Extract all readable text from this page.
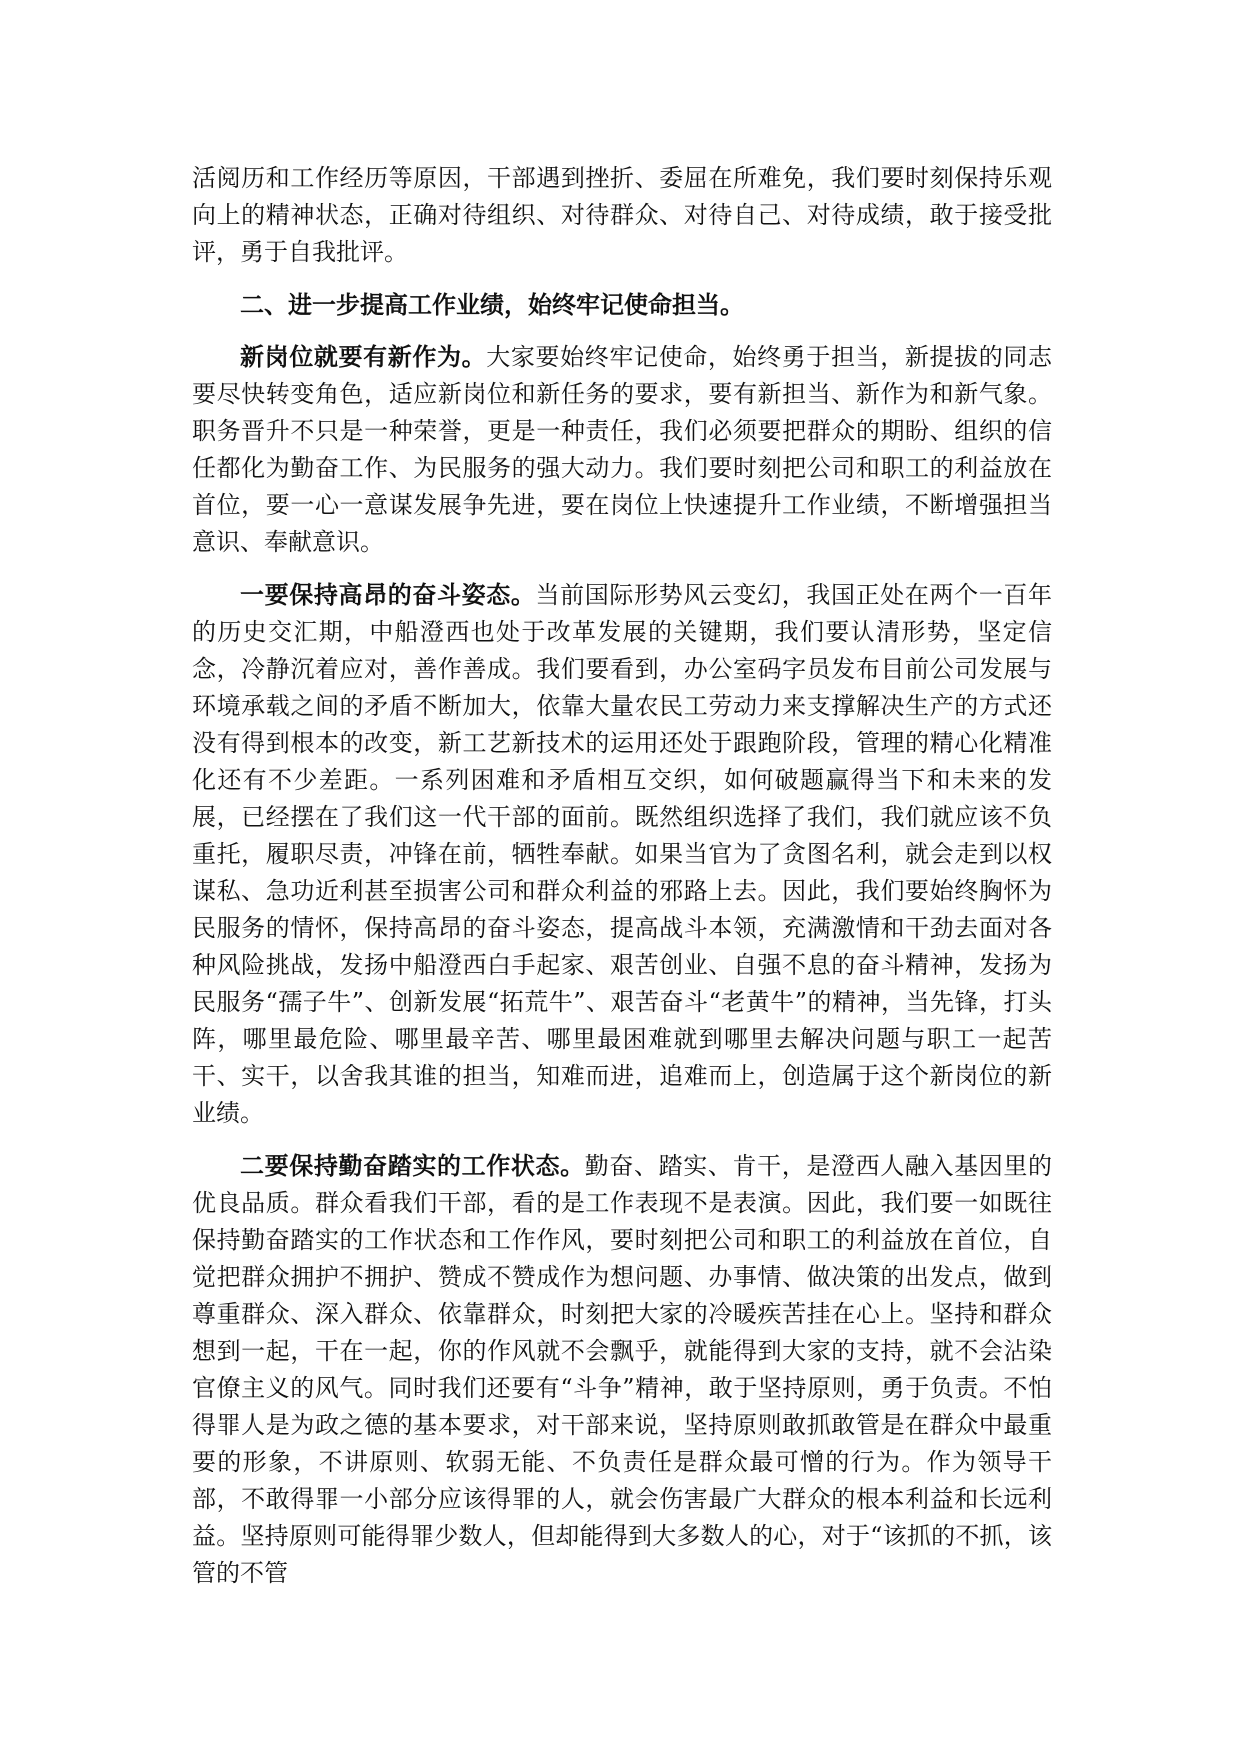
活阅历和工作经历等原因，干部遇到挫折、委屈在所难免，我们要时刻保持乐观向上的精神状态，正确对待组织、对待群众、对待自己、对待成绩，敢于接受批评，勇于自我批评。

二、进一步提高工作业绩，始终牢记使命担当。

新岗位就要有新作为。大家要始终牢记使命，始终勇于担当，新提拔的同志要尽快转变角色，适应新岗位和新任务的要求，要有新担当、新作为和新气象。职务晋升不只是一种荣誉，更是一种责任，我们必须要把群众的期盼、组织的信任都化为勤奋工作、为民服务的强大动力。我们要时刻把公司和职工的利益放在首位，要一心一意谋发展争先进，要在岗位上快速提升工作业绩，不断增强担当意识、奉献意识。

一要保持高昂的奋斗姿态。当前国际形势风云变幻，我国正处在两个一百年的历史交汇期，中船澄西也处于改革发展的关键期，我们要认清形势，坚定信念，冷静沉着应对，善作善成。我们要看到，办公室码字员发布目前公司发展与环境承载之间的矛盾不断加大，依靠大量农民工劳动力来支撑解决生产的方式还没有得到根本的改变，新工艺新技术的运用还处于跟跑阶段，管理的精心化精准化还有不少差距。一系列困难和矛盾相互交织，如何破题赢得当下和未来的发展，已经摆在了我们这一代干部的面前。既然组织选择了我们，我们就应该不负重托，履职尽责，冲锋在前，牺牲奉献。如果当官为了贪图名利，就会走到以权谋私、急功近利甚至损害公司和群众利益的邪路上去。因此，我们要始终胸怀为民服务的情怀，保持高昂的奋斗姿态，提高战斗本领，充满激情和干劲去面对各种风险挑战，发扬中船澄西白手起家、艰苦创业、自强不息的奋斗精神，发扬为民服务“孺子牛”、创新发展“拓荒牛”、艰苦奋斗“老黄牛”的精神，当先锋，打头阵，哪里最危险、哪里最辛苦、哪里最困难就到哪里去解决问题与职工一起苦干、实干，以舍我其谁的担当，知难而进，追难而上，创造属于这个新岗位的新业绩。

二要保持勤奋踏实的工作状态。勤奋、踏实、肯干，是澄西人融入基因里的优良品质。群众看我们干部，看的是工作表现不是表演。因此，我们要一如既往保持勤奋踏实的工作状态和工作作风，要时刻把公司和职工的利益放在首位，自觉把群众拥护不拥护、赞成不赞成作为想问题、办事情、做决策的出发点，做到尊重群众、深入群众、依靠群众，时刻把大家的冷暖疾苦挂在心上。坚持和群众想到一起，干在一起，你的作风就不会飘乎，就能得到大家的支持，就不会沾染官僚主义的风气。同时我们还要有“斗争”精神，敢于坚持原则，勇于负责。不怕得罪人是为政之德的基本要求，对干部来说，坚持原则敢抓敢管是在群众中最重要的形象，不讲原则、软弱无能、不负责任是群众最可憎的行为。作为领导干部，不敢得罪一小部分应该得罪的人，就会伤害最广大群众的根本利益和长远利益。坚持原则可能得罪少数人，但却能得到大多数人的心，对于“该抓的不抓，该管的不管
